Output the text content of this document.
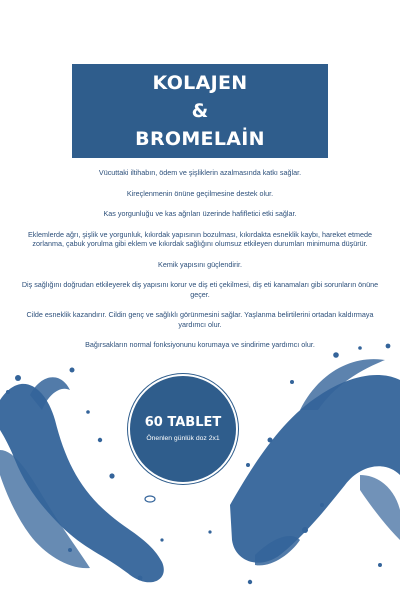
KOLAJEN
&
BROMELAİN

Vücuttaki iltihabın, ödem ve şişliklerin azalmasında katkı sağlar.

Kireçlenmenin önüne geçilmesine destek olur.

Kas yorgunluğu ve kas ağrıları üzerinde hafifletici etki sağlar.

Eklemlerde ağrı, şişlik ve yorgunluk, kıkırdak yapısının bozulması, kıkırdakta esneklik kaybı, hareket etmede zorlanma, çabuk yorulma gibi eklem ve kıkırdak sağlığını olumsuz etkileyen durumları minimuma düşürür.

Kemik yapısını güçlendirir.

Diş sağlığını doğrudan etkileyerek diş yapısını korur ve diş eti çekilmesi, diş eti kanamaları gibi sorunların önüne geçer.

Cilde esneklik kazandırır. Cildin genç ve sağlıklı görünmesini sağlar. Yaşlanma belirtilerini ortadan kaldırmaya yardımcı olur.

Bağırsakların normal fonksiyonunu korumaya ve sindirime yardımcı olur.

60 TABLET
Önenlen günlük doz 2x1
